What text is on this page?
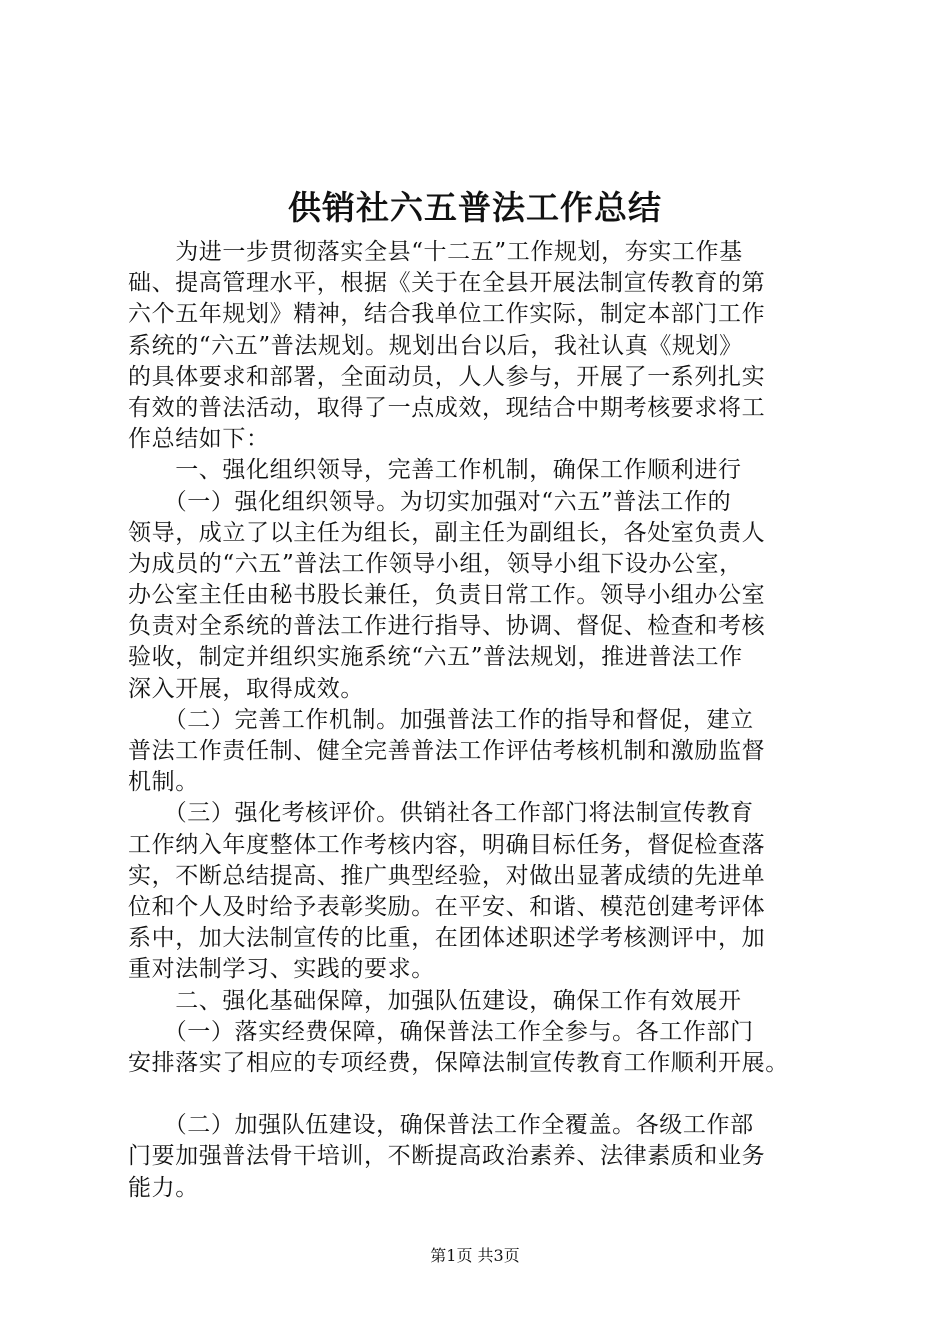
供销社六五普法工作总结
　　为进一步贯彻落实全县“十二五”工作规划，夯实工作基
础、提高管理水平，根据《关于在全县开展法制宣传教育的第
六个五年规划》精神，结合我单位工作实际，制定本部门工作
系统的“六五”普法规划。规划出台以后，我社认真《规划》
的具体要求和部署，全面动员，人人参与，开展了一系列扎实
有效的普法活动，取得了一点成效，现结合中期考核要求将工
作总结如下：
　　一、强化组织领导，完善工作机制，确保工作顺利进行
　　（一）强化组织领导。为切实加强对“六五”普法工作的
领导，成立了以主任为组长，副主任为副组长，各处室负责人
为成员的“六五”普法工作领导小组，领导小组下设办公室，
办公室主任由秘书股长兼任，负责日常工作。领导小组办公室
负责对全系统的普法工作进行指导、协调、督促、检查和考核
验收，制定并组织实施系统“六五”普法规划，推进普法工作
深入开展，取得成效。
　　（二）完善工作机制。加强普法工作的指导和督促，建立
普法工作责任制、健全完善普法工作评估考核机制和激励监督
机制。
　　（三）强化考核评价。供销社各工作部门将法制宣传教育
工作纳入年度整体工作考核内容，明确目标任务，督促检查落
实，不断总结提高、推广典型经验，对做出显著成绩的先进单
位和个人及时给予表彰奖励。在平安、和谐、模范创建考评体
系中，加大法制宣传的比重，在团体述职述学考核测评中，加
重对法制学习、实践的要求。
　　二、强化基础保障，加强队伍建设，确保工作有效展开
　　（一）落实经费保障，确保普法工作全参与。各工作部门
安排落实了相应的专项经费，保障法制宣传教育工作顺利开展。
　　（二）加强队伍建设，确保普法工作全覆盖。各级工作部
门要加强普法骨干培训，不断提高政治素养、法律素质和业务
能力。
第1页 共3页
